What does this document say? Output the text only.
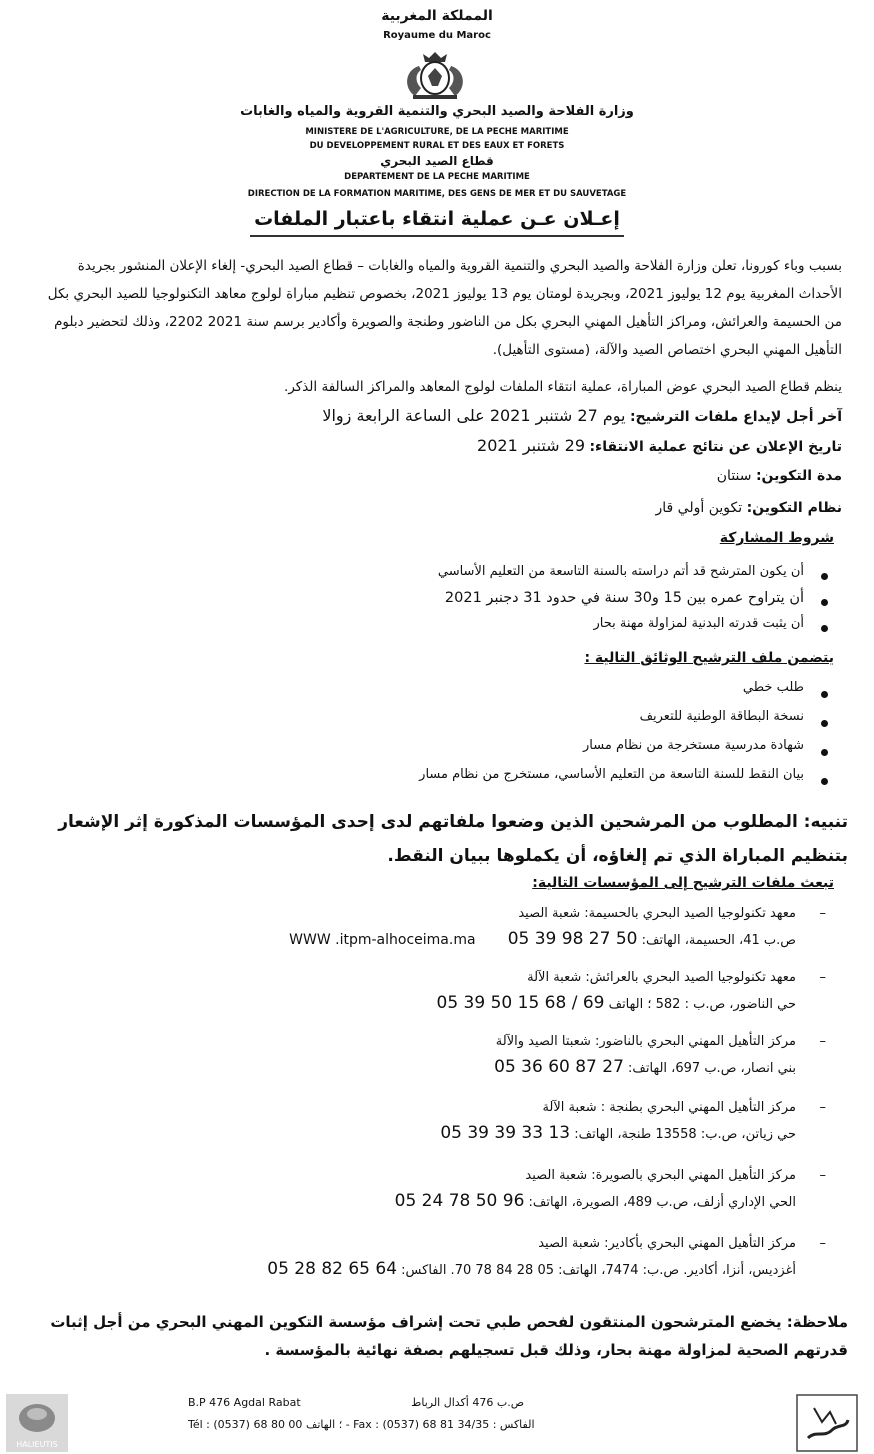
المملكة المغربية
Royaume du Maroc
وزارة الفلاحة والصيد البحري والتنمية القروية والمياه والغابات
MINISTERE DE L'AGRICULTURE, DE LA PECHE MARITIME
DU DEVELOPPEMENT RURAL ET DES EAUX ET FORETS
قطاع الصيد البحري
DEPARTEMENT DE LA PECHE MARITIME
DIRECTION DE LA FORMATION MARITIME, DES GENS DE MER ET DU SAUVETAGE
إعـلان عـن عملية انتقاء باعتبار الملفات
بسبب وباء كورونا، تعلن وزارة الفلاحة والصيد البحري والتنمية القروية والمياه والغابات – قطاع الصيد البحري- إلغاء الإعلان المنشور بجريدة الأحداث المغربية يوم 12 يوليوز 2021، وبجريدة لومتان يوم 13 يوليوز 2021، بخصوص تنظيم مباراة لولوج معاهد التكنولوجيا للصيد البحري بكل من الحسيمة والعرائش، ومراكز التأهيل المهني البحري بكل من الناضور وطنجة والصويرة وأكادير برسم سنة 2021 2202، وذلك لتحضير دبلوم التأهيل المهني البحري اختصاص الصيد والآلة، (مستوى التأهيل).
ينظم قطاع الصيد البحري عوض المباراة، عملية انتقاء الملفات لولوج المعاهد والمراكز السالفة الذكر.
آخر أجل لإيداع ملفات الترشيح: يوم 27 شتنبر 2021 على الساعة الرابعة زوالا
تاريخ الإعلان عن نتائج عملية الانتقاء: 29 شتنبر 2021
مدة التكوين: سنتان
نظام التكوين: تكوين أولي قار
شروط المشاركة
أن يكون المترشح قد أتم دراسته بالسنة التاسعة من التعليم الأساسي
أن يتراوح عمره بين 15 و30 سنة في حدود 31 دجنبر 2021
أن يثبت قدرته البدنية لمزاولة مهنة بحار
يتضمن ملف الترشيح الوثائق التالية :
طلب خطي
نسخة البطاقة الوطنية للتعريف
شهادة مدرسية مستخرجة من نظام مسار
بيان النقط للسنة التاسعة من التعليم الأساسي، مستخرج من نظام مسار
تنبيه: المطلوب من المرشحين الذين وضعوا ملفاتهم لدى إحدى المؤسسات المذكورة إثر الإشعار بتنظيم المباراة الذي تم إلغاؤه، أن يكملوها ببيان النقط.
تبعث ملفات الترشيح إلى المؤسسات التالية:
– معهد تكنولوجيا الصيد البحري بالحسيمة: شعبة الصيد
ص.ب 41، الحسيمة، الهاتف: 05 39 98 27 50 WWW .itpm-alhoceima.ma
– معهد تكنولوجيا الصيد البحري بالعرائش: شعبة الآلة
حي الناضور، ص.ب : 582 ؛ الهاتف 05 39 50 15 68 / 69
– مركز التأهيل المهني البحري بالناضور: شعبتا الصيد والآلة
بني انصار، ص.ب 697، الهاتف: 05 36 60 87 27
– مركز التأهيل المهني البحري بطنجة : شعبة الآلة
حي زياتن، ص.ب: 13558 طنجة، الهاتف: 05 39 39 33 13
– مركز التأهيل المهني البحري بالصويرة: شعبة الصيد
الحي الإداري أزلف، ص.ب 489، الصويرة، الهاتف: 05 24 78 50 96
– مركز التأهيل المهني البحري بأكادير: شعبة الصيد
أغزديس، أنزا، أكادير. ص.ب: 7474، الهاتف: 05 28 84 78 70. الفاكس: 05 28 82 65 64
ملاحظة: يخضع المترشحون المنتقون لفحص طبي تحت إشراف مؤسسة التكوين المهني البحري من أجل إثبات قدرتهم الصحية لمزاولة مهنة بحار، وذلك قبل تسجيلهم بصفة نهائية بالمؤسسة .
HALIEUTIS
B.P 476 Agdal Rabat	ص.ب 476 أكدال الرباط
Tél : (0537) 68 80 00 ؛ الهاتف - Fax : (0537) 68 81 34/35 : الفاكس
